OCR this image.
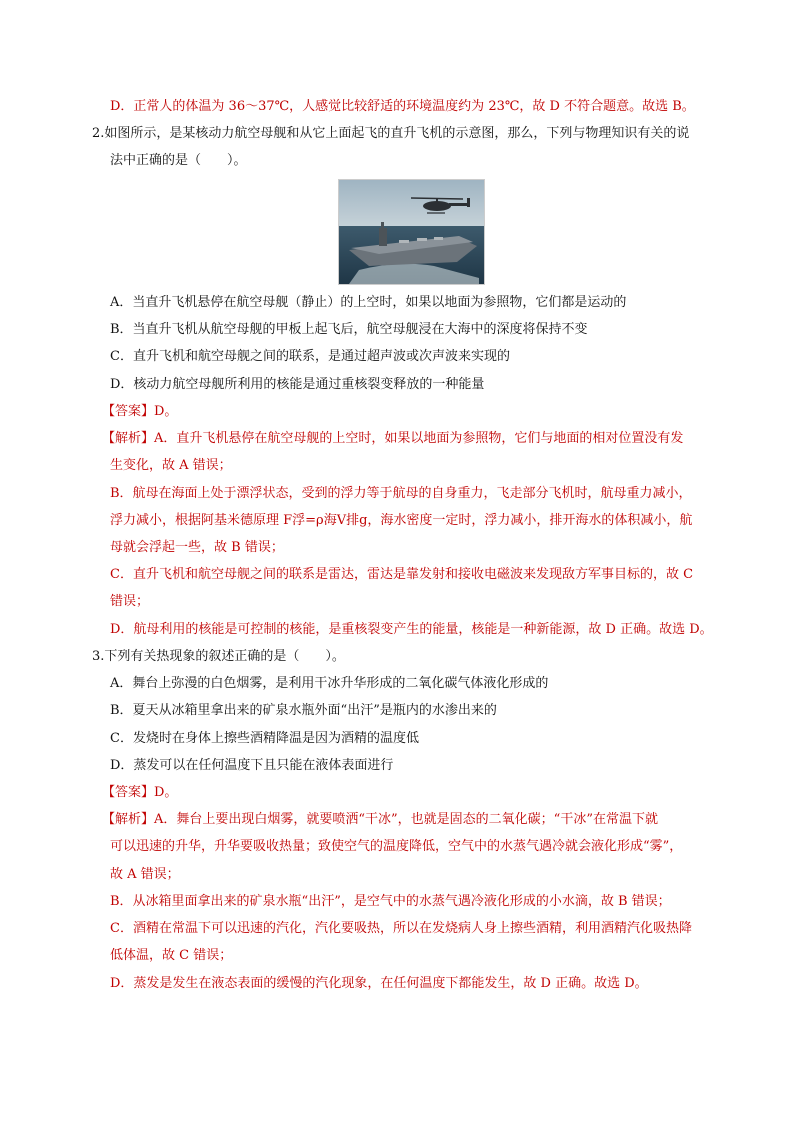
D．正常人的体温为 36～37℃，人感觉比较舒适的环境温度约为 23℃，故 D 不符合题意。故选 B。
2.如图所示，是某核动力航空母舰和从它上面起飞的直升飞机的示意图，那么，下列与物理知识有关的说
法中正确的是（　　）。
A．当直升飞机悬停在航空母舰（静止）的上空时，如果以地面为参照物，它们都是运动的
B．当直升飞机从航空母舰的甲板上起飞后，航空母舰浸在大海中的深度将保持不变
C．直升飞机和航空母舰之间的联系，是通过超声波或次声波来实现的
D．核动力航空母舰所利用的核能是通过重核裂变释放的一种能量
【答案】D。
【解析】A．直升飞机悬停在航空母舰的上空时，如果以地面为参照物，它们与地面的相对位置没有发
生变化，故 A 错误；
B．航母在海面上处于漂浮状态，受到的浮力等于航母的自身重力，飞走部分飞机时，航母重力减小，
浮力减小，根据阿基米德原理 F浮=ρ海V排g，海水密度一定时，浮力减小，排开海水的体积减小，航
母就会浮起一些，故 B 错误；
C．直升飞机和航空母舰之间的联系是雷达，雷达是靠发射和接收电磁波来发现敌方军事目标的，故 C
错误；
D．航母利用的核能是可控制的核能，是重核裂变产生的能量，核能是一种新能源，故 D 正确。故选 D。
3.下列有关热现象的叙述正确的是（　　）。
A．舞台上弥漫的白色烟雾，是利用干冰升华形成的二氧化碳气体液化形成的
B．夏天从冰箱里拿出来的矿泉水瓶外面“出汗”是瓶内的水渗出来的
C．发烧时在身体上擦些酒精降温是因为酒精的温度低
D．蒸发可以在任何温度下且只能在液体表面进行
【答案】D。
【解析】A．舞台上要出现白烟雾，就要喷洒“干冰”，也就是固态的二氧化碳；“干冰”在常温下就
可以迅速的升华，升华要吸收热量；致使空气的温度降低，空气中的水蒸气遇冷就会液化形成“雾”，
故 A 错误；
B．从冰箱里面拿出来的矿泉水瓶“出汗”，是空气中的水蒸气遇冷液化形成的小水滴，故 B 错误；
C．酒精在常温下可以迅速的汽化，汽化要吸热，所以在发烧病人身上擦些酒精，利用酒精汽化吸热降
低体温，故 C 错误；
D．蒸发是发生在液态表面的缓慢的汽化现象，在任何温度下都能发生，故 D 正确。故选 D。
